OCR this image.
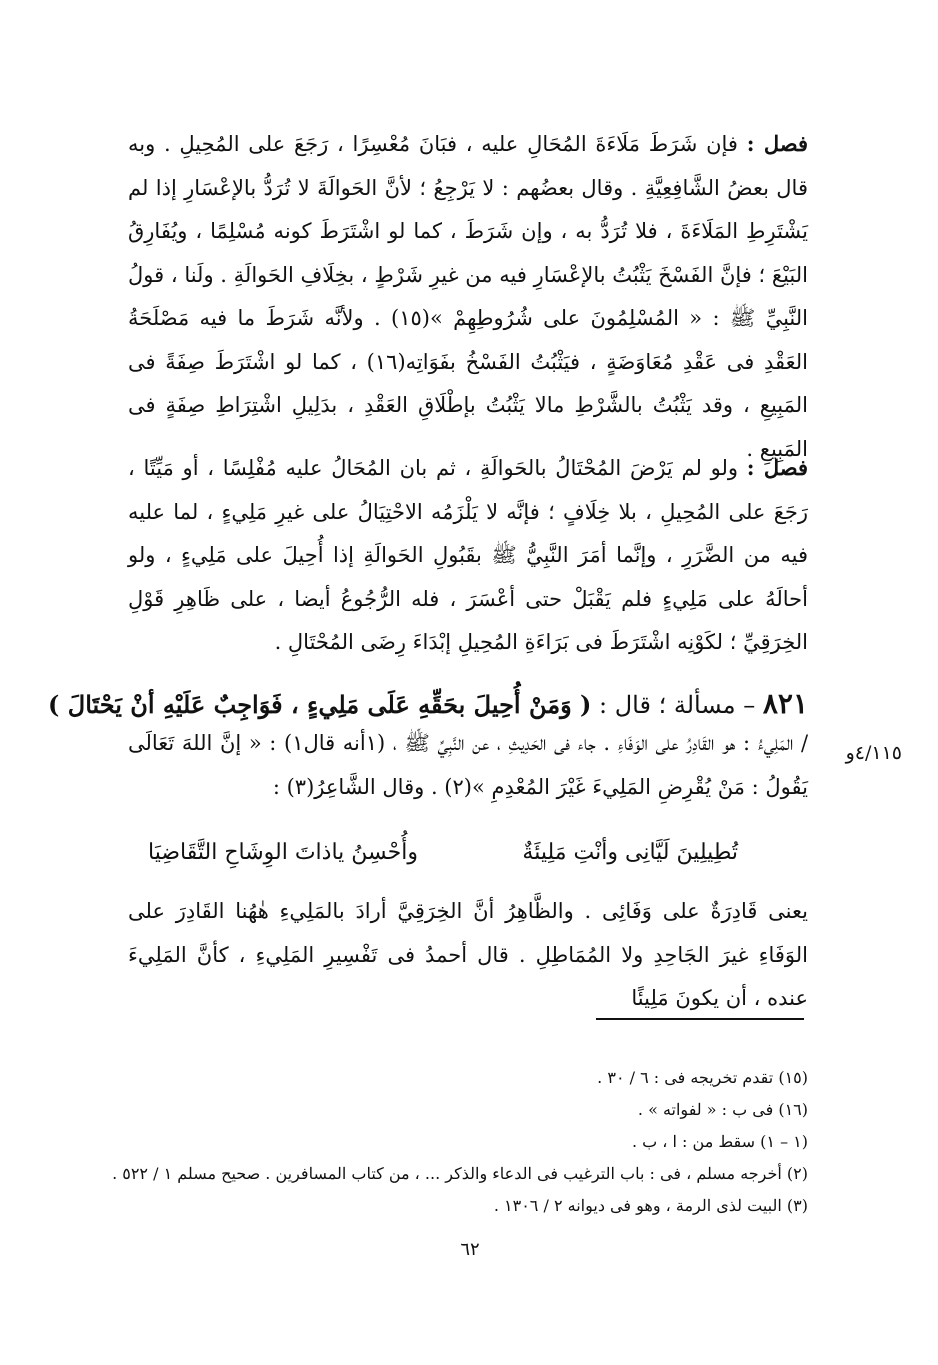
فصل : فإن شَرَطَ مَلَاءَةَ المُحَالِ عليه ، فبَانَ مُعْسِرًا ، رَجَعَ على المُحِيلِ . وبه قال بعضُ الشَّافِعِيَّةِ . وقال بعضُهم : لا يَرْجِعُ ؛ لأنَّ الحَوالَةَ لا تُرَدُّ بالإعْسَارِ إذا لم يَشْتَرِطِ المَلَاءَةَ ، فلا تُرَدُّ به ، وإن شَرَطَ ، كما لو اشْتَرَطَ كونه مُسْلِمًا ، ويُفَارِقُ البَيْعَ ؛ فإنَّ الفَسْخَ يَثْبُتُ بالإعْسَارِ فيه من غيرِ شَرْطٍ ، بخِلَافِ الحَوالَةِ . ولَنا ، قولُ النَّبِيِّ ﷺ : « المُسْلِمُونَ على شُرُوطِهِمْ »(١٥) . ولأنَّه شَرَطَ ما فيه مَصْلَحَةُ العَقْدِ فى عَقْدِ مُعَاوَضَةٍ ، فيَثْبُتُ الفَسْخُ بفَوَاتِه(١٦) ، كما لو اشْتَرَطَ صِفَةً فى المَبِيعِ ، وقد يَثْبُتُ بالشَّرْطِ مالا يَثْبُتُ بإطْلَاقِ العَقْدِ ، بدَلِيلِ اشْتِرَاطِ صِفَةٍ فى المَبِيعِ .
فصل : ولو لم يَرْضَ المُحْتَالُ بالحَوالَةِ ، ثم بان المُحَالُ عليه مُفْلِسًا ، أو مَيِّتًا ، رَجَعَ على المُحِيلِ ، بلا خِلَافٍ ؛ فإنَّه لا يَلْزَمُه الاحْتِيَالُ على غيرِ مَلِيءٍ ، لما عليه فيه من الضَّرَرِ ، وإنَّما أمَرَ النَّبِيُّ ﷺ بقَبُولِ الحَوالَةِ إذا أُحِيلَ على مَلِيءٍ ، ولو أحالَهُ على مَلِيءٍ فلم يَقْبَلْ حتى أعْسَرَ ، فله الرُّجُوعُ أيضا ، على ظَاهِرِ قَوْلِ الخِرَقِيِّ ؛ لكَوْنِه اشْتَرَطَ فى بَرَاءَةِ المُحِيلِ إبْدَاءَ رِضَى المُحْتَالِ .
٨٢١ – مسألة ؛ قال : ( وَمَنْ أُحِيلَ بحَقِّهِ عَلَى مَلِيءٍ ، فَوَاجِبٌ عَلَيْهِ أنْ يَحْتَالَ )
٤/١١٥و
/ المَلِيءُ : هو القَادِرُ على الوَفَاءِ . جاء فى الحَدِيثِ ، عن النَّبِيِّ ﷺ ، (١أنه قال١) : « إنَّ اللهَ تَعَالَى يَقُولُ : مَنْ يُقْرِضِ المَلِيءَ غَيْرَ المُعْدِمِ »(٢) . وقال الشَّاعِرُ(٣) :
تُطِيلِينَ لَيَّانِى وأنْتِ مَلِيئَةٌ
وأُحْسِنُ ياذاتَ الوِشَاحِ التَّقَاضِيَا
يعنى قَادِرَةٌ على وَفَائِى . والظَّاهِرُ أنَّ الخِرَقِيَّ أرادَ بالمَلِيءِ هٰهُنا القَادِرَ على الوَفَاءِ غيرَ الجَاحِدِ ولا المُمَاطِلِ . قال أحمدُ فى تَفْسِيرِ المَلِيءِ ، كأنَّ المَلِيءَ عنده ، أن يكونَ مَلِيئًا
(١٥) تقدم تخريجه فى : ٦ / ٣٠ .
(١٦) فى ب : « لفواته » .
(١ – ١) سقط من : ا ، ب .
(٢) أخرجه مسلم ، فى : باب الترغيب فى الدعاء والذكر ... ، من كتاب المسافرين . صحيح مسلم ١ / ٥٢٢ .
(٣) البيت لذى الرمة ، وهو فى ديوانه ٢ / ١٣٠٦ .
٦٢
